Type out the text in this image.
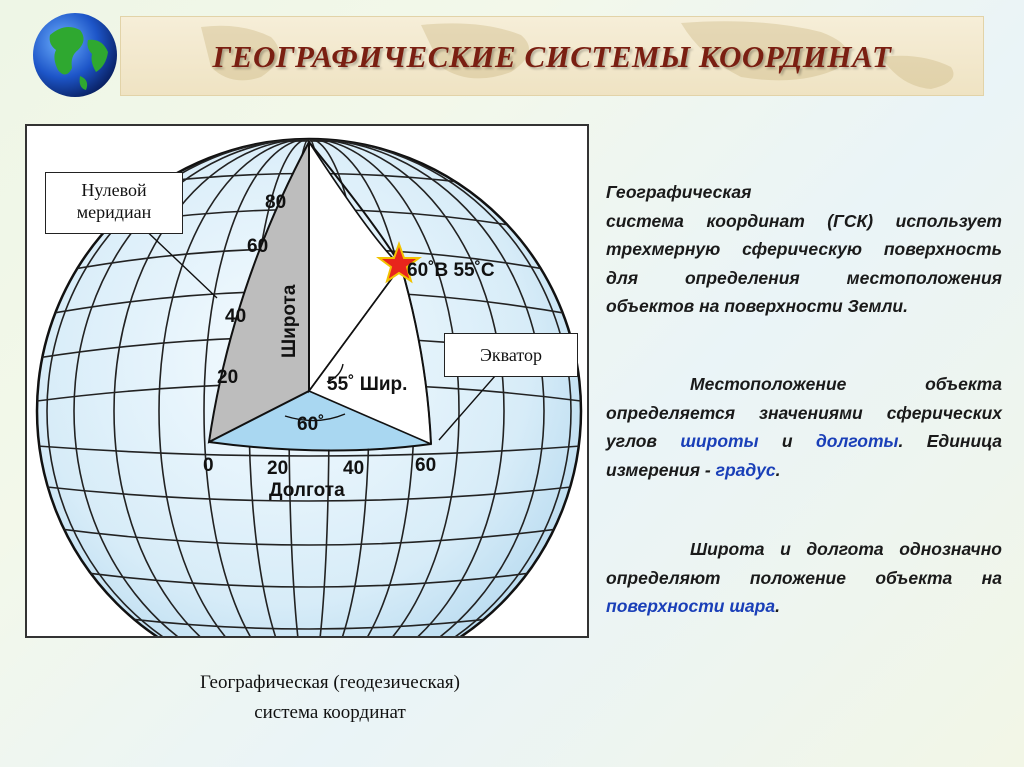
ГЕОГРАФИЧЕСКИЕ СИСТЕМЫ КООРДИНАТ
80
60
40
20
0	20	40	60
Долгота
Широта
60˚В 55˚С
55˚ Шир.
60˚
Нулевой
меридиан
Экватор
Географическая (геодезическая)
система координат
Географическая
система координат (ГСК) использует трехмерную сферическую поверхность для определения местоположения объектов на поверхности Земли.
Местоположение объекта определяется значениями сферических углов широты и долготы. Единица измерения - градус.
Широта и долгота однозначно определяют положение объекта на поверхности шара.
